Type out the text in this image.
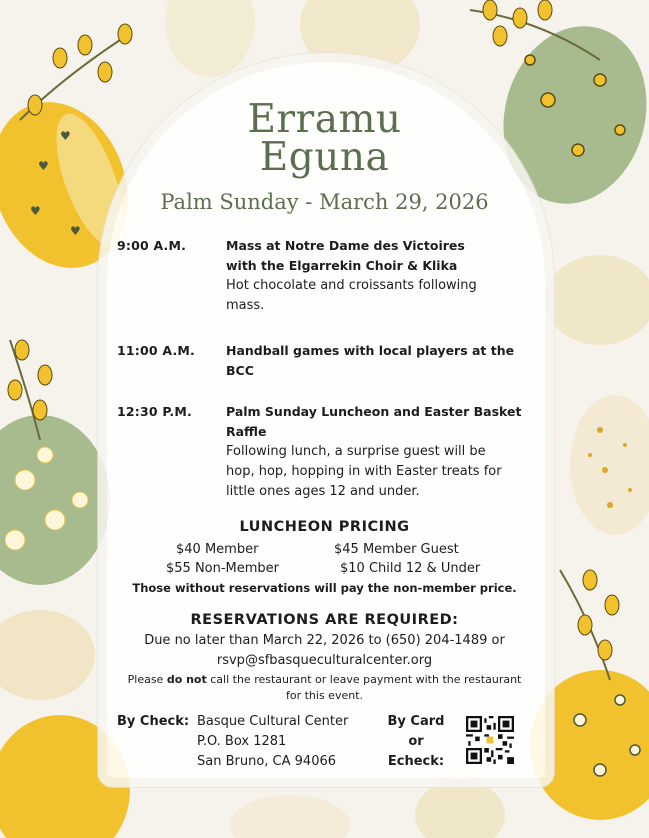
♥
♥
♥
♥
Erramu
Eguna
Palm Sunday - March 29, 2026
9:00 A.M.	Mass at Notre Dame des Victoires
with the Elgarrekin Choir & Klika
Hot chocolate and croissants following
mass.
11:00 A.M. Handball games with local players at the
BCC
12:30 P.M.	Palm Sunday Luncheon and Easter Basket
Raffle
Following lunch, a surprise guest will be
hop, hop, hopping in with Easter treats for
little ones ages 12 and under.
LUNCHEON PRICING
$40 Member	$45 Member Guest
$55 Non-Member	$10 Child 12 & Under
Those without reservations will pay the non-member price.
RESERVATIONS ARE REQUIRED:
Due no later than March 22, 2026 to (650) 204-1489 or
rsvp@sfbasqueculturalcenter.org
Please do not call the restaurant or leave payment with the restaurant
for this event.
By Check: Basque Cultural Center
P.O. Box 1281
San Bruno, CA 94066
By Card
or
Echeck:
